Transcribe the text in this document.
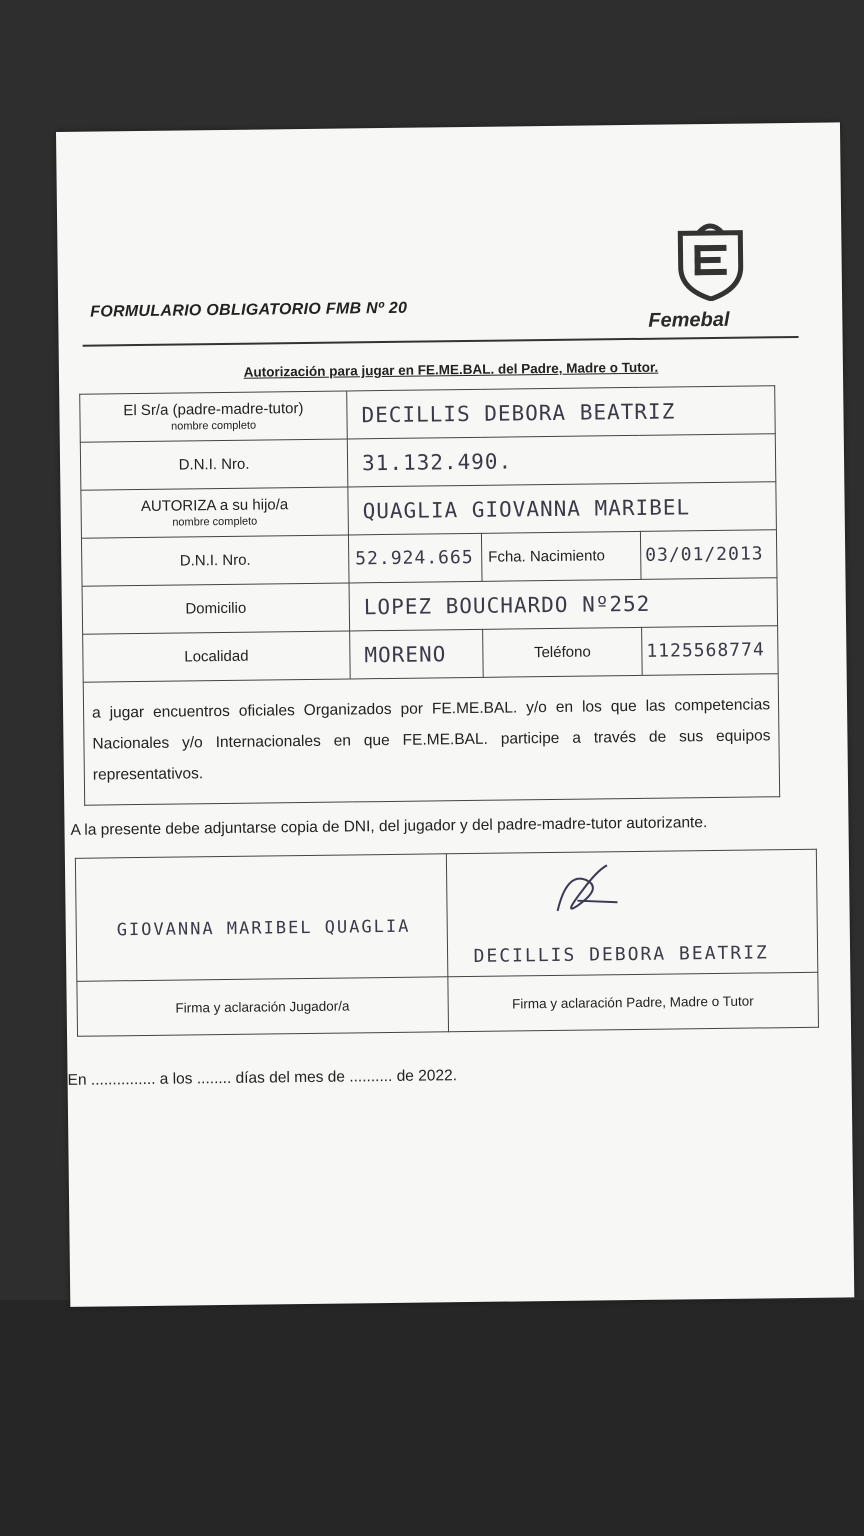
FORMULARIO OBLIGATORIO FMB Nº 20	Femebal
Autorización para jugar en FE.ME.BAL. del Padre, Madre o Tutor.
El Sr/a (padre-madre-tutor)
nombre completo	DECILLIS DEBORA BEATRIZ		
D.N.I. Nro.	31.132.490.		
AUTORIZA a su hijo/a
nombre completo	QUAGLIA GIOVANNA MARIBEL		
D.N.I. Nro.	52.924.665	Fcha. Nacimiento	03/01/2013
Domicilio	LOPEZ BOUCHARDO Nº252		
Localidad	MORENO	Teléfono	1125568774
a jugar encuentros oficiales Organizados por FE.ME.BAL. y/o en los que las competencias Nacionales y/o Internacionales en que FE.ME.BAL. participe a través de sus equipos representativos.			
A la presente debe adjuntarse copia de DNI, del jugador y del padre-madre-tutor autorizante.
GIOVANNA MARIBEL QUAGLIA	DECILLIS DEBORA BEATRIZ

Firma y aclaración Jugador/a	Firma y aclaración Padre, Madre o Tutor
En ............... a los ........ días del mes de .......... de 2022.
